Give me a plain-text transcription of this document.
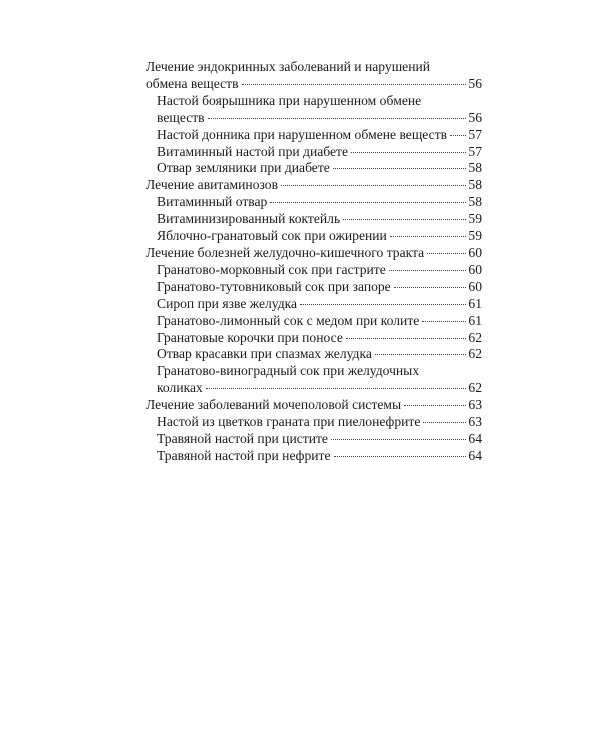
Лечение эндокринных заболеваний и нарушений
обмена веществ	56
Настой боярышника при нарушенном обмене
веществ	56
Настой донника при нарушенном обмене веществ 57
Витаминный настой при диабете	57
Отвар земляники при диабете	58
Лечение авитаминозов	58
Витаминный отвар	58
Витаминизированный коктейль	59
Яблочно-гранатовый сок при ожирении	59
Лечение болезней желудочно-кишечного тракта	60
Гранатово-морковный сок при гастрите	60
Гранатово-тутовниковый сок при запоре	60
Сироп при язве желудка	61
Гранатово-лимонный сок с медом при колите	61
Гранатовые корочки при поносе	62
Отвар красавки при спазмах желудка	62
Гранатово-виноградный сок при желудочных
коликах	62
Лечение заболеваний мочеполовой системы	63
Настой из цветков граната при пиелонефрите	63
Травяной настой при цистите	64
Травяной настой при нефрите	64
